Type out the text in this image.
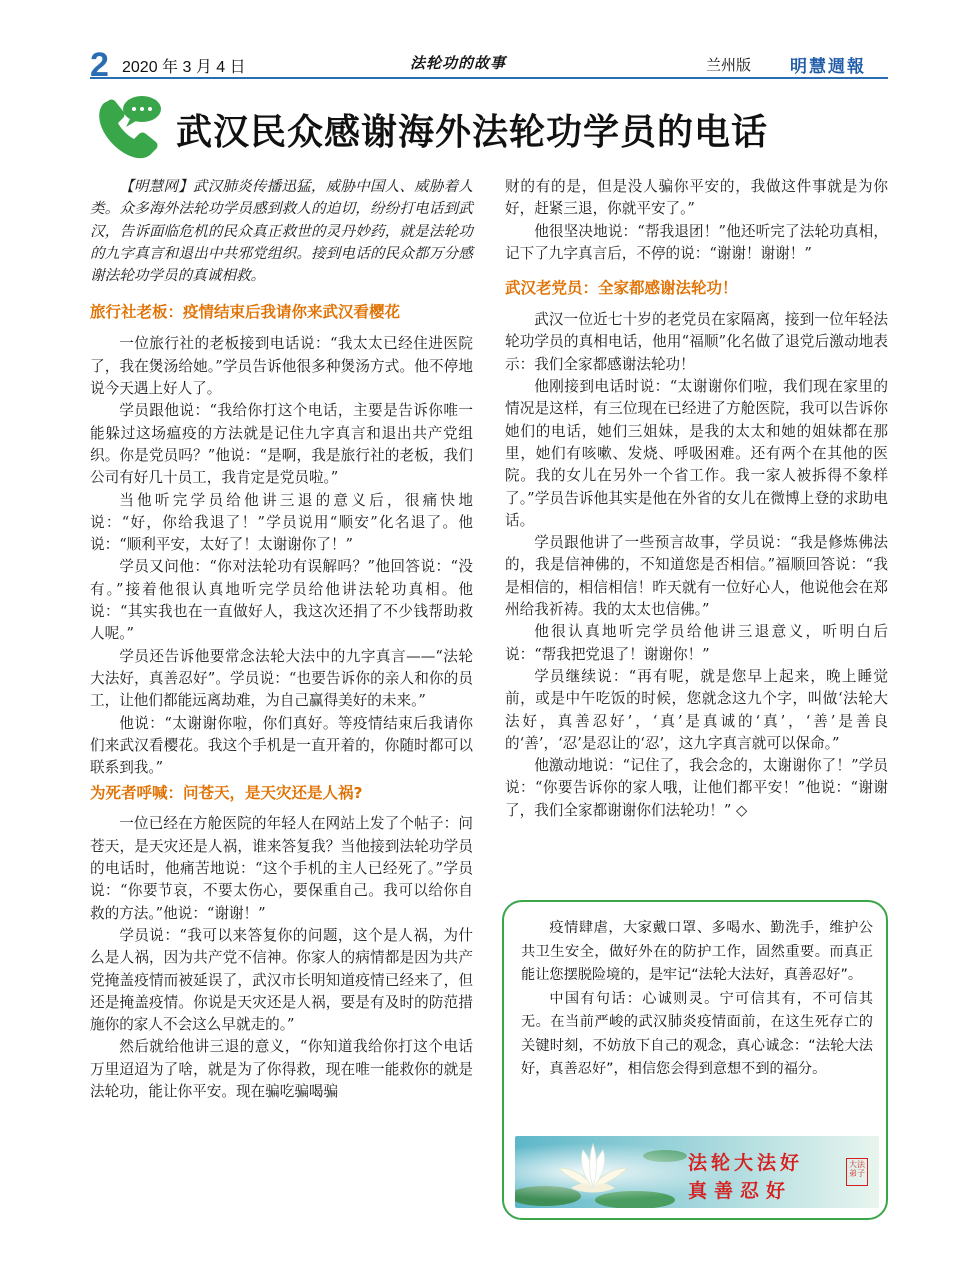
2 2020 年 3 月 4 日	法轮功的故事	兰州版 明慧週報
武汉民众感谢海外法轮功学员的电话

【明慧网】武汉肺炎传播迅猛，威胁中国人、威胁着人类。众多海外法轮功学员感到救人的迫切，纷纷打电话到武汉，告诉面临危机的民众真正救世的灵丹妙药，就是法轮功的九字真言和退出中共邪党组织。接到电话的民众都万分感谢法轮功学员的真诚相救。

旅行社老板：疫情结束后我请你来武汉看樱花

一位旅行社的老板接到电话说：“我太太已经住进医院了，我在煲汤给她。”学员告诉他很多种煲汤方式。他不停地说今天遇上好人了。

学员跟他说：“我给你打这个电话，主要是告诉你唯一能躲过这场瘟疫的方法就是记住九字真言和退出共产党组织。你是党员吗？”他说：“是啊，我是旅行社的老板，我们公司有好几十员工，我肯定是党员啦。”

当他听完学员给他讲三退的意义后，很痛快地说：“好，你给我退了！”学员说用“顺安”化名退了。他说：“顺利平安，太好了！太谢谢你了！”

学员又问他：“你对法轮功有误解吗？”他回答说：“没有。”接着他很认真地听完学员给他讲法轮功真相。他说：“其实我也在一直做好人，我这次还捐了不少钱帮助救人呢。”

学员还告诉他要常念法轮大法中的九字真言——“法轮大法好，真善忍好”。学员说：“也要告诉你的亲人和你的员工，让他们都能远离劫难，为自己赢得美好的未来。”

他说：“太谢谢你啦，你们真好。等疫情结束后我请你们来武汉看樱花。我这个手机是一直开着的，你随时都可以联系到我。”

为死者呼喊：问苍天，是天灾还是人祸?

一位已经在方舱医院的年轻人在网站上发了个帖子：问苍天，是天灾还是人祸，谁来答复我？当他接到法轮功学员的电话时，他痛苦地说：“这个手机的主人已经死了。”学员说：“你要节哀，不要太伤心，要保重自己。我可以给你自救的方法。”他说：“谢谢！”

学员说：“我可以来答复你的问题，这个是人祸，为什么是人祸，因为共产党不信神。你家人的病情都是因为共产党掩盖疫情而被延误了，武汉市长明知道疫情已经来了，但还是掩盖疫情。你说是天灾还是人祸，要是有及时的防范措施你的家人不会这么早就走的。”

然后就给他讲三退的意义，“你知道我给你打这个电话万里迢迢为了啥，就是为了你得救，现在唯一能救你的就是法轮功，能让你平安。现在骗吃骗喝骗

财的有的是，但是没人骗你平安的，我做这件事就是为你好，赶紧三退，你就平安了。”

他很坚决地说：“帮我退团！”他还听完了法轮功真相，记下了九字真言后，不停的说：“谢谢！谢谢！”

武汉老党员：全家都感谢法轮功！

武汉一位近七十岁的老党员在家隔离，接到一位年轻法轮功学员的真相电话，他用“福顺”化名做了退党后激动地表示：我们全家都感谢法轮功！

他刚接到电话时说：“太谢谢你们啦，我们现在家里的情况是这样，有三位现在已经进了方舱医院，我可以告诉你她们的电话，她们三姐妹，是我的太太和她的姐妹都在那里，她们有咳嗽、发烧、呼吸困难。还有两个在其他的医院。我的女儿在另外一个省工作。我一家人被拆得不象样了。”学员告诉他其实是他在外省的女儿在微博上登的求助电话。

学员跟他讲了一些预言故事，学员说：“我是修炼佛法的，我是信神佛的，不知道您是否相信。”福顺回答说：“我是相信的，相信相信！昨天就有一位好心人，他说他会在郑州给我祈祷。我的太太也信佛。”

他很认真地听完学员给他讲三退意义，听明白后说：“帮我把党退了！谢谢你！”

学员继续说：“再有呢，就是您早上起来，晚上睡觉前，或是中午吃饭的时候，您就念这九个字，叫做‘法轮大法好，真善忍好’，‘真’是真诚的‘真’，‘善’是善良的‘善’，‘忍’是忍让的‘忍’，这九字真言就可以保命。”

他激动地说：“记住了，我会念的，太谢谢你了！”学员说：“你要告诉你的家人哦，让他们都平安！”他说：“谢谢了，我们全家都谢谢你们法轮功！” ◇

疫情肆虐，大家戴口罩、多喝水、勤洗手，维护公共卫生安全，做好外在的防护工作，固然重要。而真正能让您摆脱险境的，是牢记“法轮大法好，真善忍好”。

中国有句话：心诚则灵。宁可信其有，不可信其无。在当前严峻的武汉肺炎疫情面前，在这生死存亡的关键时刻，不妨放下自己的观念，真心诚念：“法轮大法好，真善忍好”，相信您会得到意想不到的福分。

法轮大法好
真善忍好
大法弟子
